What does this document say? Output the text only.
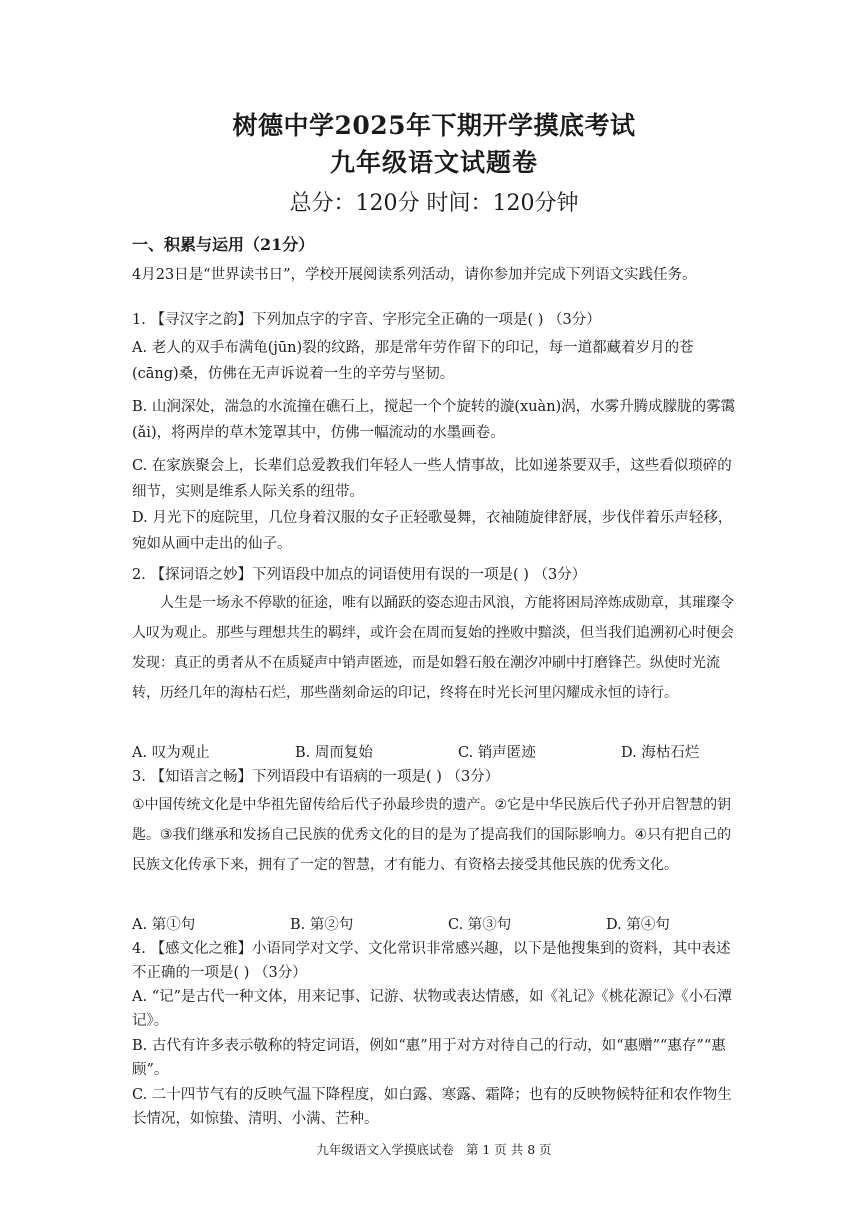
树德中学2025年下期开学摸底考试
九年级语文试题卷
总分：120分 时间：120分钟
一、积累与运用（21分）
4月23日是“世界读书日”，学校开展阅读系列活动，请你参加并完成下列语文实践任务。
1. 【寻汉字之韵】下列加点字的字音、字形完全正确的一项是( ) （3分）
A. 老人的双手布满龟(jūn)裂的纹路，那是常年劳作留下的印记，每一道都藏着岁月的苍(cāng)桑，仿佛在无声诉说着一生的辛劳与坚韧。
B. 山涧深处，湍急的水流撞在礁石上，搅起一个个旋转的漩(xuàn)涡，水雾升腾成朦胧的雾霭(ǎi)，将两岸的草木笼罩其中，仿佛一幅流动的水墨画卷。
C. 在家族聚会上，长辈们总爱教我们年轻人一些人情事故，比如递茶要双手，这些看似琐碎的细节，实则是维系人际关系的纽带。
D. 月光下的庭院里，几位身着汉服的女子正轻歌曼舞，衣袖随旋律舒展，步伐伴着乐声轻移，宛如从画中走出的仙子。
2. 【探词语之妙】下列语段中加点的词语使用有误的一项是( ) （3分）
人生是一场永不停歇的征途，唯有以踊跃的姿态迎击风浪，方能将困局淬炼成勋章，其璀璨令人叹为观止。那些与理想共生的羁绊，或许会在周而复始的挫败中黯淡，但当我们追溯初心时便会发现：真正的勇者从不在质疑声中销声匿迹，而是如磐石般在潮汐冲刷中打磨锋芒。纵使时光流转，历经几年的海枯石烂，那些凿刻命运的印记，终将在时光长河里闪耀成永恒的诗行。
A. 叹为观止	B. 周而复始	C. 销声匿迹	D. 海枯石烂
3. 【知语言之畅】下列语段中有语病的一项是( ) （3分）
①中国传统文化是中华祖先留传给后代子孙最珍贵的遗产。②它是中华民族后代子孙开启智慧的钥匙。③我们继承和发扬自己民族的优秀文化的目的是为了提高我们的国际影响力。④只有把自己的民族文化传承下来，拥有了一定的智慧，才有能力、有资格去接受其他民族的优秀文化。
A. 第①句	B. 第②句	C. 第③句	D. 第④句
4. 【感文化之雅】小语同学对文学、文化常识非常感兴趣，以下是他搜集到的资料，其中表述不正确的一项是( ) （3分）
A. “记”是古代一种文体，用来记事、记游、状物或表达情感，如《礼记》《桃花源记》《小石潭记》。
B. 古代有许多表示敬称的特定词语，例如“惠”用于对方对待自己的行动，如“惠赠”“惠存”“惠顾”。
C. 二十四节气有的反映气温下降程度，如白露、寒露、霜降；也有的反映物候特征和农作物生长情况，如惊蛰、清明、小满、芒种。
九年级语文入学摸底试卷 第 1 页 共 8 页
